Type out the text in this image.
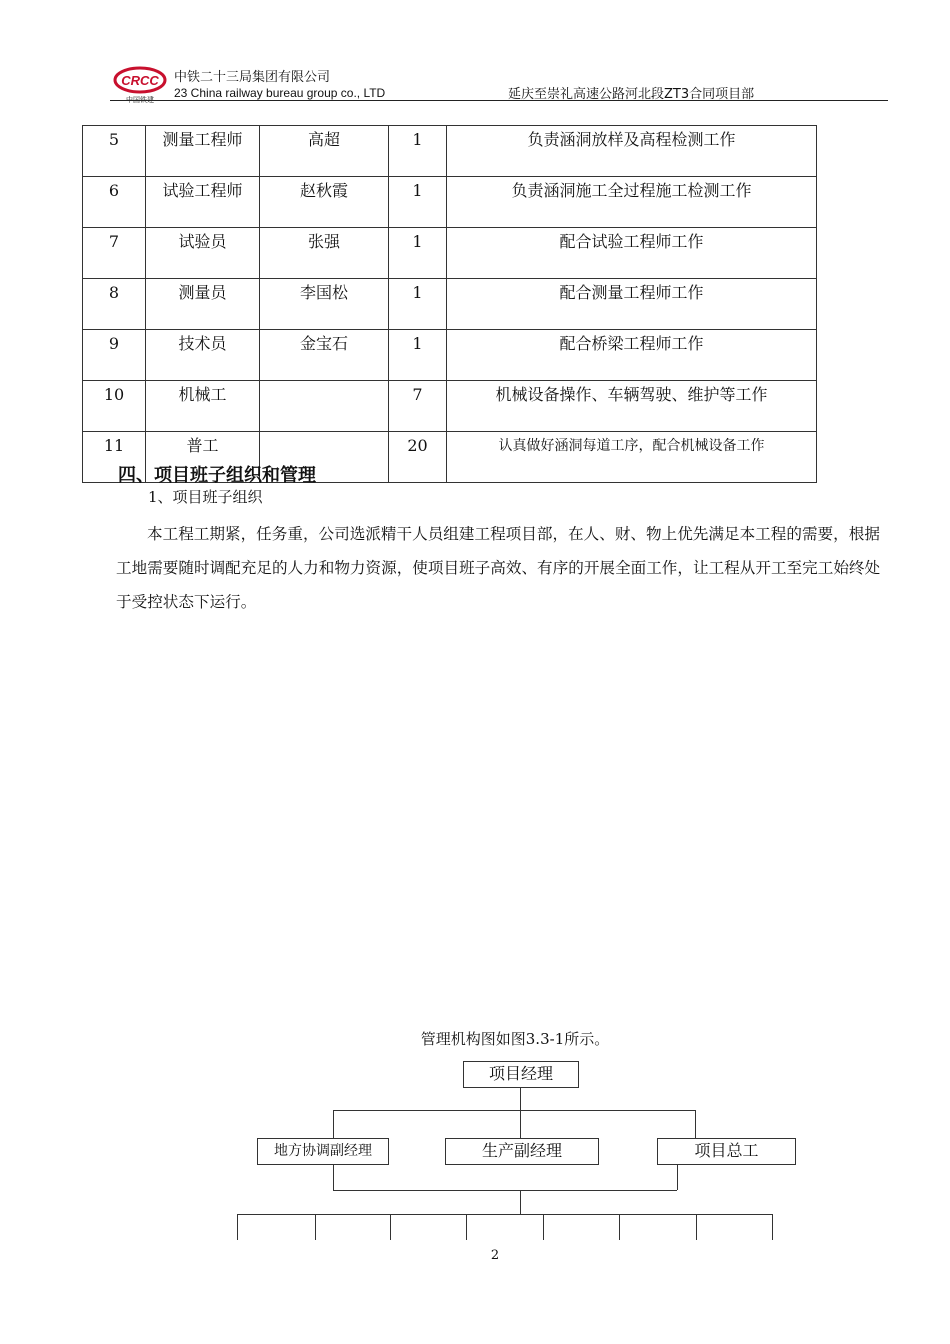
CRCC
中国铁建
中铁二十三局集团有限公司
23 China railway bureau group co., LTD	延庆至崇礼高速公路河北段ZT3合同项目部
5	测量工程师	高超	1	负责涵洞放样及高程检测工作
6	试验工程师	赵秋霞	1	负责涵洞施工全过程施工检测工作
7	试验员	张强	1	配合试验工程师工作
8	测量员	李国松	1	配合测量工程师工作
9	技术员	金宝石	1	配合桥梁工程师工作
10	机械工		7	机械设备操作、车辆驾驶、维护等工作
11	普工		20	认真做好涵洞每道工序，配合机械设备工作
四、项目班子组织和管理
1、项目班子组织
本工程工期紧，任务重，公司选派精干人员组建工程项目部，在人、财、物上优先满足本工程的需要，根据工地需要随时调配充足的人力和物力资源，使项目班子高效、有序的开展全面工作，让工程从开工至完工始终处于受控状态下运行。
管理机构图如图3.3-1所示。
项目经理
地方协调副经理	生产副经理	项目总工
2
